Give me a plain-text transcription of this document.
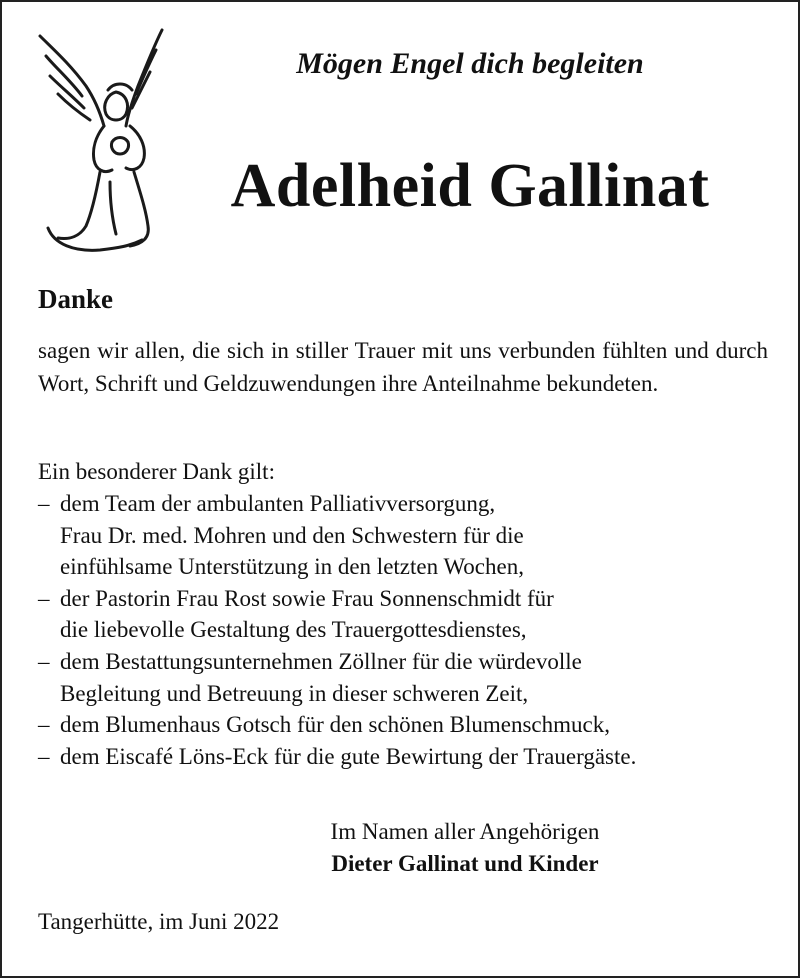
Mögen Engel dich begleiten
Adelheid Gallinat
Danke

sagen wir allen, die sich in stiller Trauer mit uns verbunden fühlten und durch Wort, Schrift und Geldzuwendungen ihre Anteilnahme bekundeten.

Ein besonderer Dank gilt:
– dem Team der ambulanten Palliativversorgung,
Frau Dr. med. Mohren und den Schwestern für die
einfühlsame Unterstützung in den letzten Wochen,
– der Pastorin Frau Rost sowie Frau Sonnenschmidt für
die liebevolle Gestaltung des Trauergottesdienstes,
– dem Bestattungsunternehmen Zöllner für die würdevolle
Begleitung und Betreuung in dieser schweren Zeit,
– dem Blumenhaus Gotsch für den schönen Blumenschmuck,
– dem Eiscafé Löns-Eck für die gute Bewirtung der Trauergäste.
Im Namen aller Angehörigen
Dieter Gallinat und Kinder
Tangerhütte, im Juni 2022
